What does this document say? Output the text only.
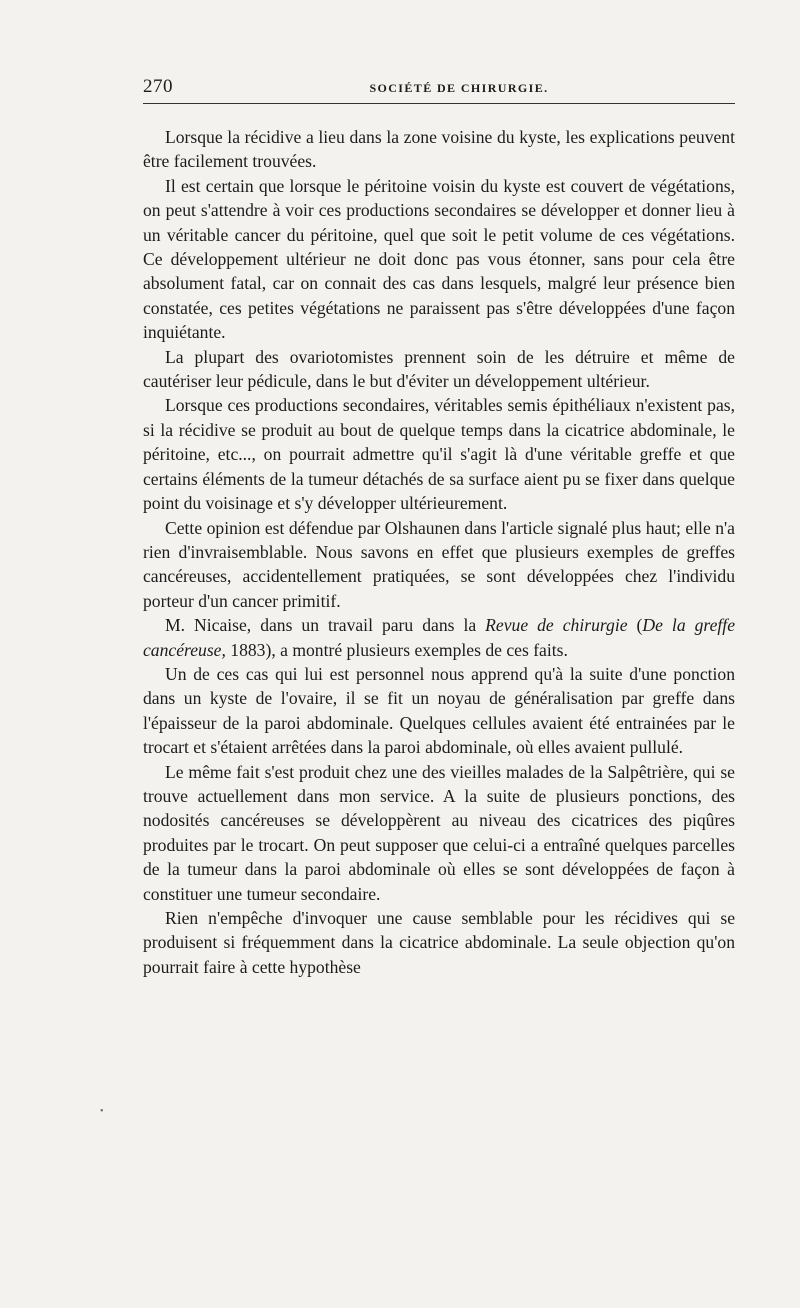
270	SOCIÉTÉ DE CHIRURGIE.

Lorsque la récidive a lieu dans la zone voisine du kyste, les explications peuvent être facilement trouvées.

Il est certain que lorsque le péritoine voisin du kyste est couvert de végétations, on peut s'attendre à voir ces productions secondaires se développer et donner lieu à un véritable cancer du péritoine, quel que soit le petit volume de ces végétations. Ce développement ultérieur ne doit donc pas vous étonner, sans pour cela être absolument fatal, car on connait des cas dans lesquels, malgré leur présence bien constatée, ces petites végétations ne paraissent pas s'être développées d'une façon inquiétante.

La plupart des ovariotomistes prennent soin de les détruire et même de cautériser leur pédicule, dans le but d'éviter un développement ultérieur.

Lorsque ces productions secondaires, véritables semis épithéliaux n'existent pas, si la récidive se produit au bout de quelque temps dans la cicatrice abdominale, le péritoine, etc..., on pourrait admettre qu'il s'agit là d'une véritable greffe et que certains éléments de la tumeur détachés de sa surface aient pu se fixer dans quelque point du voisinage et s'y développer ultérieurement.

Cette opinion est défendue par Olshaunen dans l'article signalé plus haut; elle n'a rien d'invraisemblable. Nous savons en effet que plusieurs exemples de greffes cancéreuses, accidentellement pratiquées, se sont développées chez l'individu porteur d'un cancer primitif.

M. Nicaise, dans un travail paru dans la Revue de chirurgie (De la greffe cancéreuse, 1883), a montré plusieurs exemples de ces faits.

Un de ces cas qui lui est personnel nous apprend qu'à la suite d'une ponction dans un kyste de l'ovaire, il se fit un noyau de généralisation par greffe dans l'épaisseur de la paroi abdominale. Quelques cellules avaient été entrainées par le trocart et s'étaient arrêtées dans la paroi abdominale, où elles avaient pullulé.

Le même fait s'est produit chez une des vieilles malades de la Salpêtrière, qui se trouve actuellement dans mon service. A la suite de plusieurs ponctions, des nodosités cancéreuses se développèrent au niveau des cicatrices des piqûres produites par le trocart. On peut supposer que celui-ci a entraîné quelques parcelles de la tumeur dans la paroi abdominale où elles se sont développées de façon à constituer une tumeur secondaire.

Rien n'empêche d'invoquer une cause semblable pour les récidives qui se produisent si fréquemment dans la cicatrice abdominale. La seule objection qu'on pourrait faire à cette hypothèse

•
